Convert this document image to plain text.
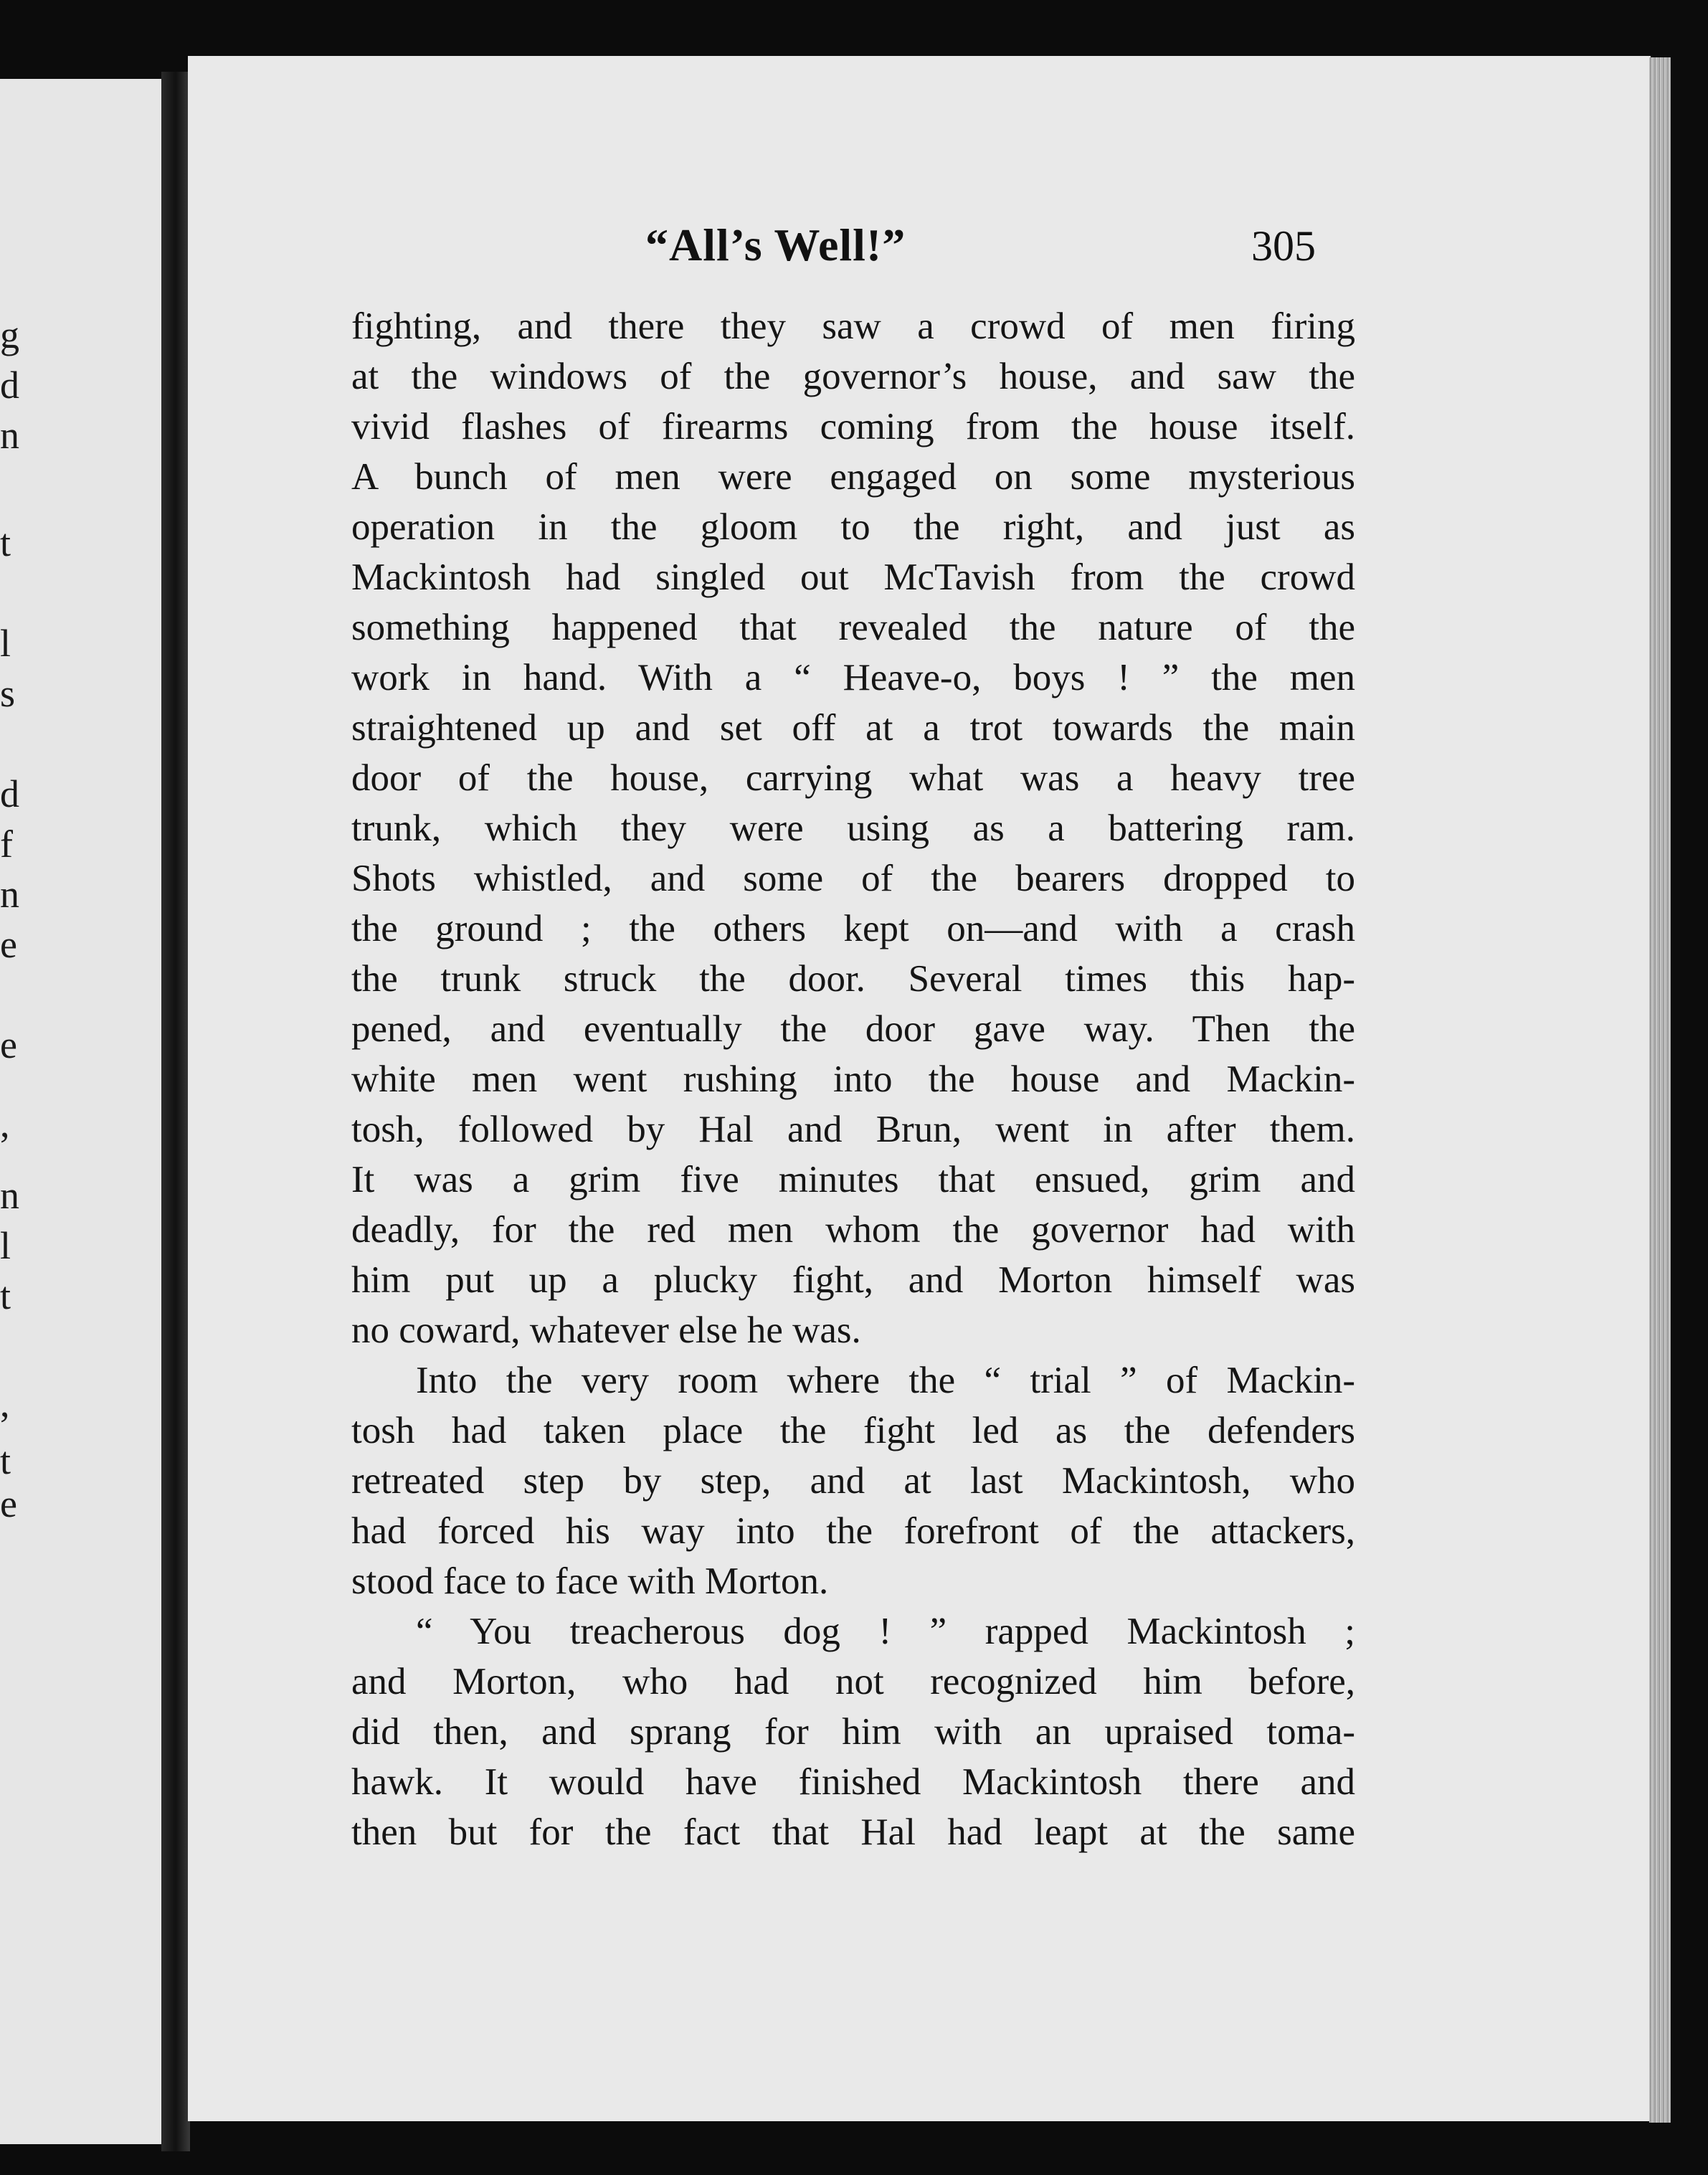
g
d
n
t
l
s
d
f
n
e
e
,
n
l
t
,
t
e
“All’s Well!”	305
fighting, and there they saw a crowd of men firing
at the windows of the governor’s house, and saw the
vivid flashes of firearms coming from the house itself.
A bunch of men were engaged on some mysterious
operation in the gloom to the right, and just as
Mackintosh had singled out McTavish from the crowd
something happened that revealed the nature of the
work in hand. With a “ Heave-o, boys ! ” the men
straightened up and set off at a trot towards the main
door of the house, carrying what was a heavy tree
trunk, which they were using as a battering ram.
Shots whistled, and some of the bearers dropped to
the ground ; the others kept on—and with a crash
the trunk struck the door. Several times this hap-
pened, and eventually the door gave way. Then the
white men went rushing into the house and Mackin-
tosh, followed by Hal and Brun, went in after them.
It was a grim five minutes that ensued, grim and
deadly, for the red men whom the governor had with
him put up a plucky fight, and Morton himself was
no coward, whatever else he was.
Into the very room where the “ trial ” of Mackin-
tosh had taken place the fight led as the defenders
retreated step by step, and at last Mackintosh, who
had forced his way into the forefront of the attackers,
stood face to face with Morton.
“ You treacherous dog ! ” rapped Mackintosh ;
and Morton, who had not recognized him before,
did then, and sprang for him with an upraised toma-
hawk. It would have finished Mackintosh there and
then but for the fact that Hal had leapt at the same
